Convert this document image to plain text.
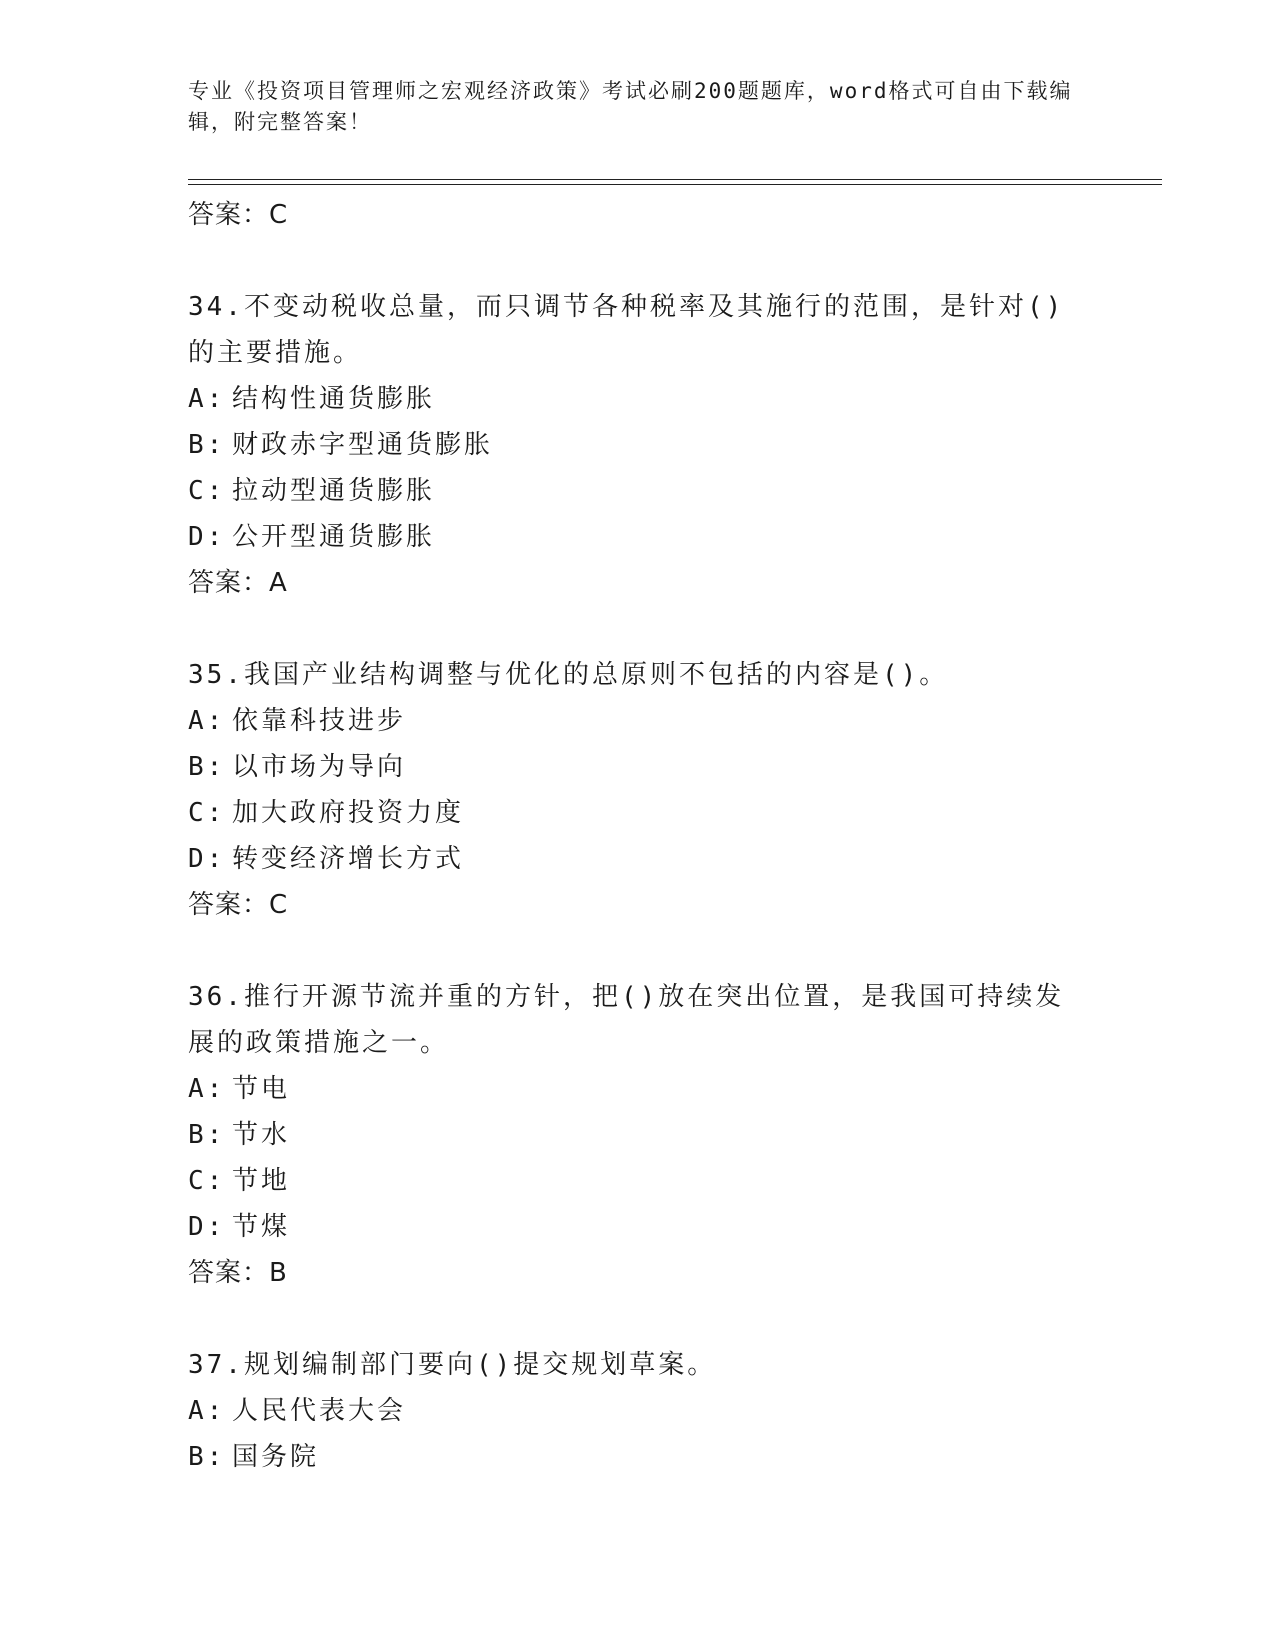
专业《投资项目管理师之宏观经济政策》考试必刷200题题库，word格式可自由下载编辑，附完整答案！
答案：C
34.不变动税收总量，而只调节各种税率及其施行的范围，是针对()的主要措施。
A: 结构性通货膨胀
B: 财政赤字型通货膨胀
C: 拉动型通货膨胀
D: 公开型通货膨胀
答案：A
35.我国产业结构调整与优化的总原则不包括的内容是()。
A: 依靠科技进步
B: 以市场为导向
C: 加大政府投资力度
D: 转变经济增长方式
答案：C
36.推行开源节流并重的方针，把()放在突出位置，是我国可持续发展的政策措施之一。
A: 节电
B: 节水
C: 节地
D: 节煤
答案：B
37.规划编制部门要向()提交规划草案。
A: 人民代表大会
B: 国务院
